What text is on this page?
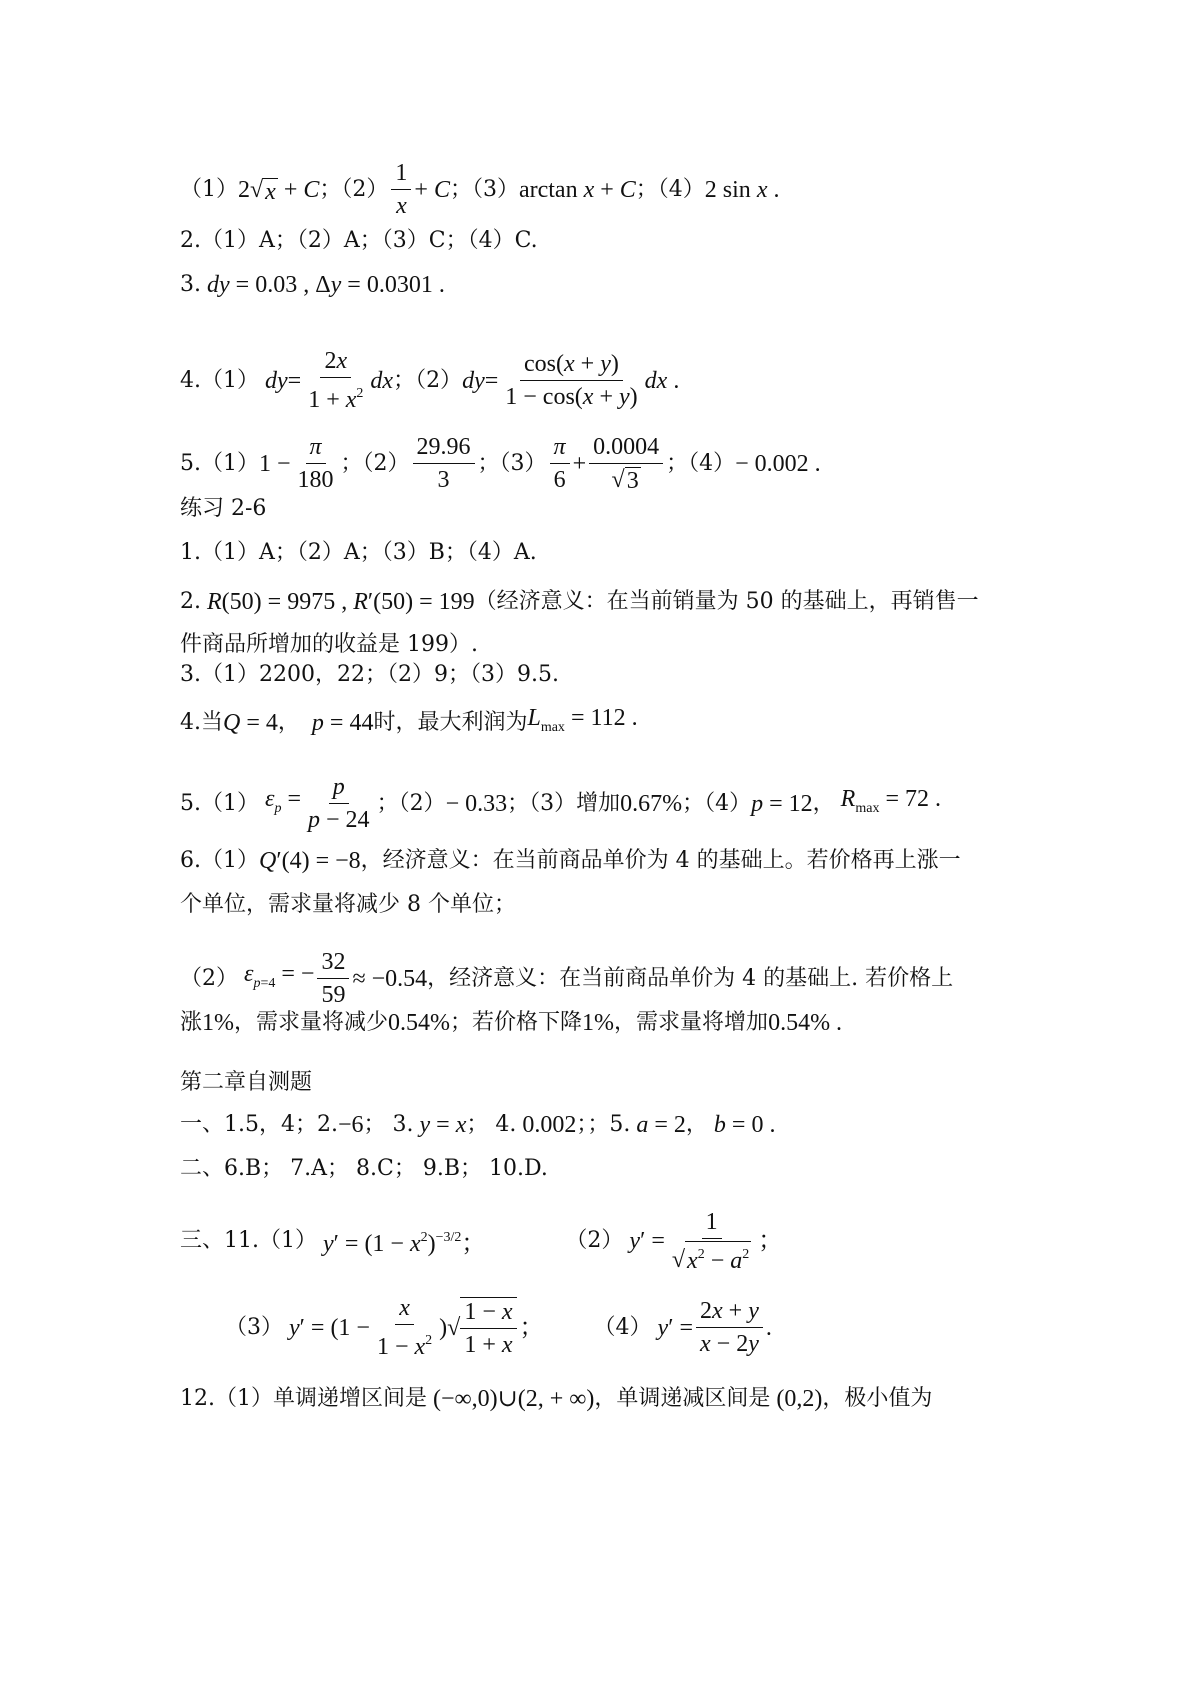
（1） 2 √ x + C ；$(2) \frac{1}{x} + C$ ；（3） arctan x + C ；（4） 2 sin x .
2.（1）A；（2）A；（3）C；（4）C.
3. dy = 0.03 , Δy = 0.0301 .
4.（1） dy = $\frac{2x}{1 + x^2}$ dx ；（2） dy = $\frac{\cos(x + y)}{1 - \cos(x + y)}$ dx .
5.（1） $1 - \frac{\pi}{180}$ ；$(2) \frac{29.96}{3}$ ；$(3) \frac{\pi}{6} + \frac{0.0004}{√ 3}$ ；（4） − 0.002 .
练习 2-6
1.（1）A；（2）A；（3）B；（4）A.
2. R(50) = 9975 , R′(50) = 199 （经济意义：在当前销量为 50 的基础上，再销售一
件商品所增加的收益是 199）.
3.（1）2200，22；（2）9；（3）9.5.
4.当 Q = 4 ， p = 44 时，最大利润为 $L_{max} = 112$ .
5.（1） $\varepsilon_p = \frac{p}{p - 24}$ ；（2） − 0.33 ；（3）增加 0.67% ；（4） p = 12 ， $R_{max} = 72$ .
6.（1） Q′(4) = −8 ，经济意义：在当前商品单价为 4 的基础上。若价格再上涨一
个单位，需求量将减少 8 个单位；
（2） $\varepsilon_{p=4}$ = − $\frac{32}{59} \approx -0.54$ ，经济意义：在当前商品单价为 4 的基础上. 若价格上
涨 1% ，需求量将减少 0.54% ；若价格下降 1% ，需求量将增加 0.54% .
第二章自测题
一、1.5，4；2. −6 ； 3. y = x ； 4. 0.002 ；；5. a = 2 ， b = 0 .
二、6.B； 7.A； 8.C； 9.B； 10.D.
三、11.（1） $y' = (1 - x^2)^{-3/2}$；	（2） $y' = \frac{1}{√ x^2 - a^2}$ ；
（3） $y' = (1 - \frac{x}{1 - x^2}$ ) √ $\frac{1 - x}{1 + x}$ ； （4） $y' = \frac{2x + y}{x - 2y}$ .
12.（1）单调递增区间是 (−∞,0)∪(2, + ∞) ，单调递减区间是 (0,2) ，极小值为
